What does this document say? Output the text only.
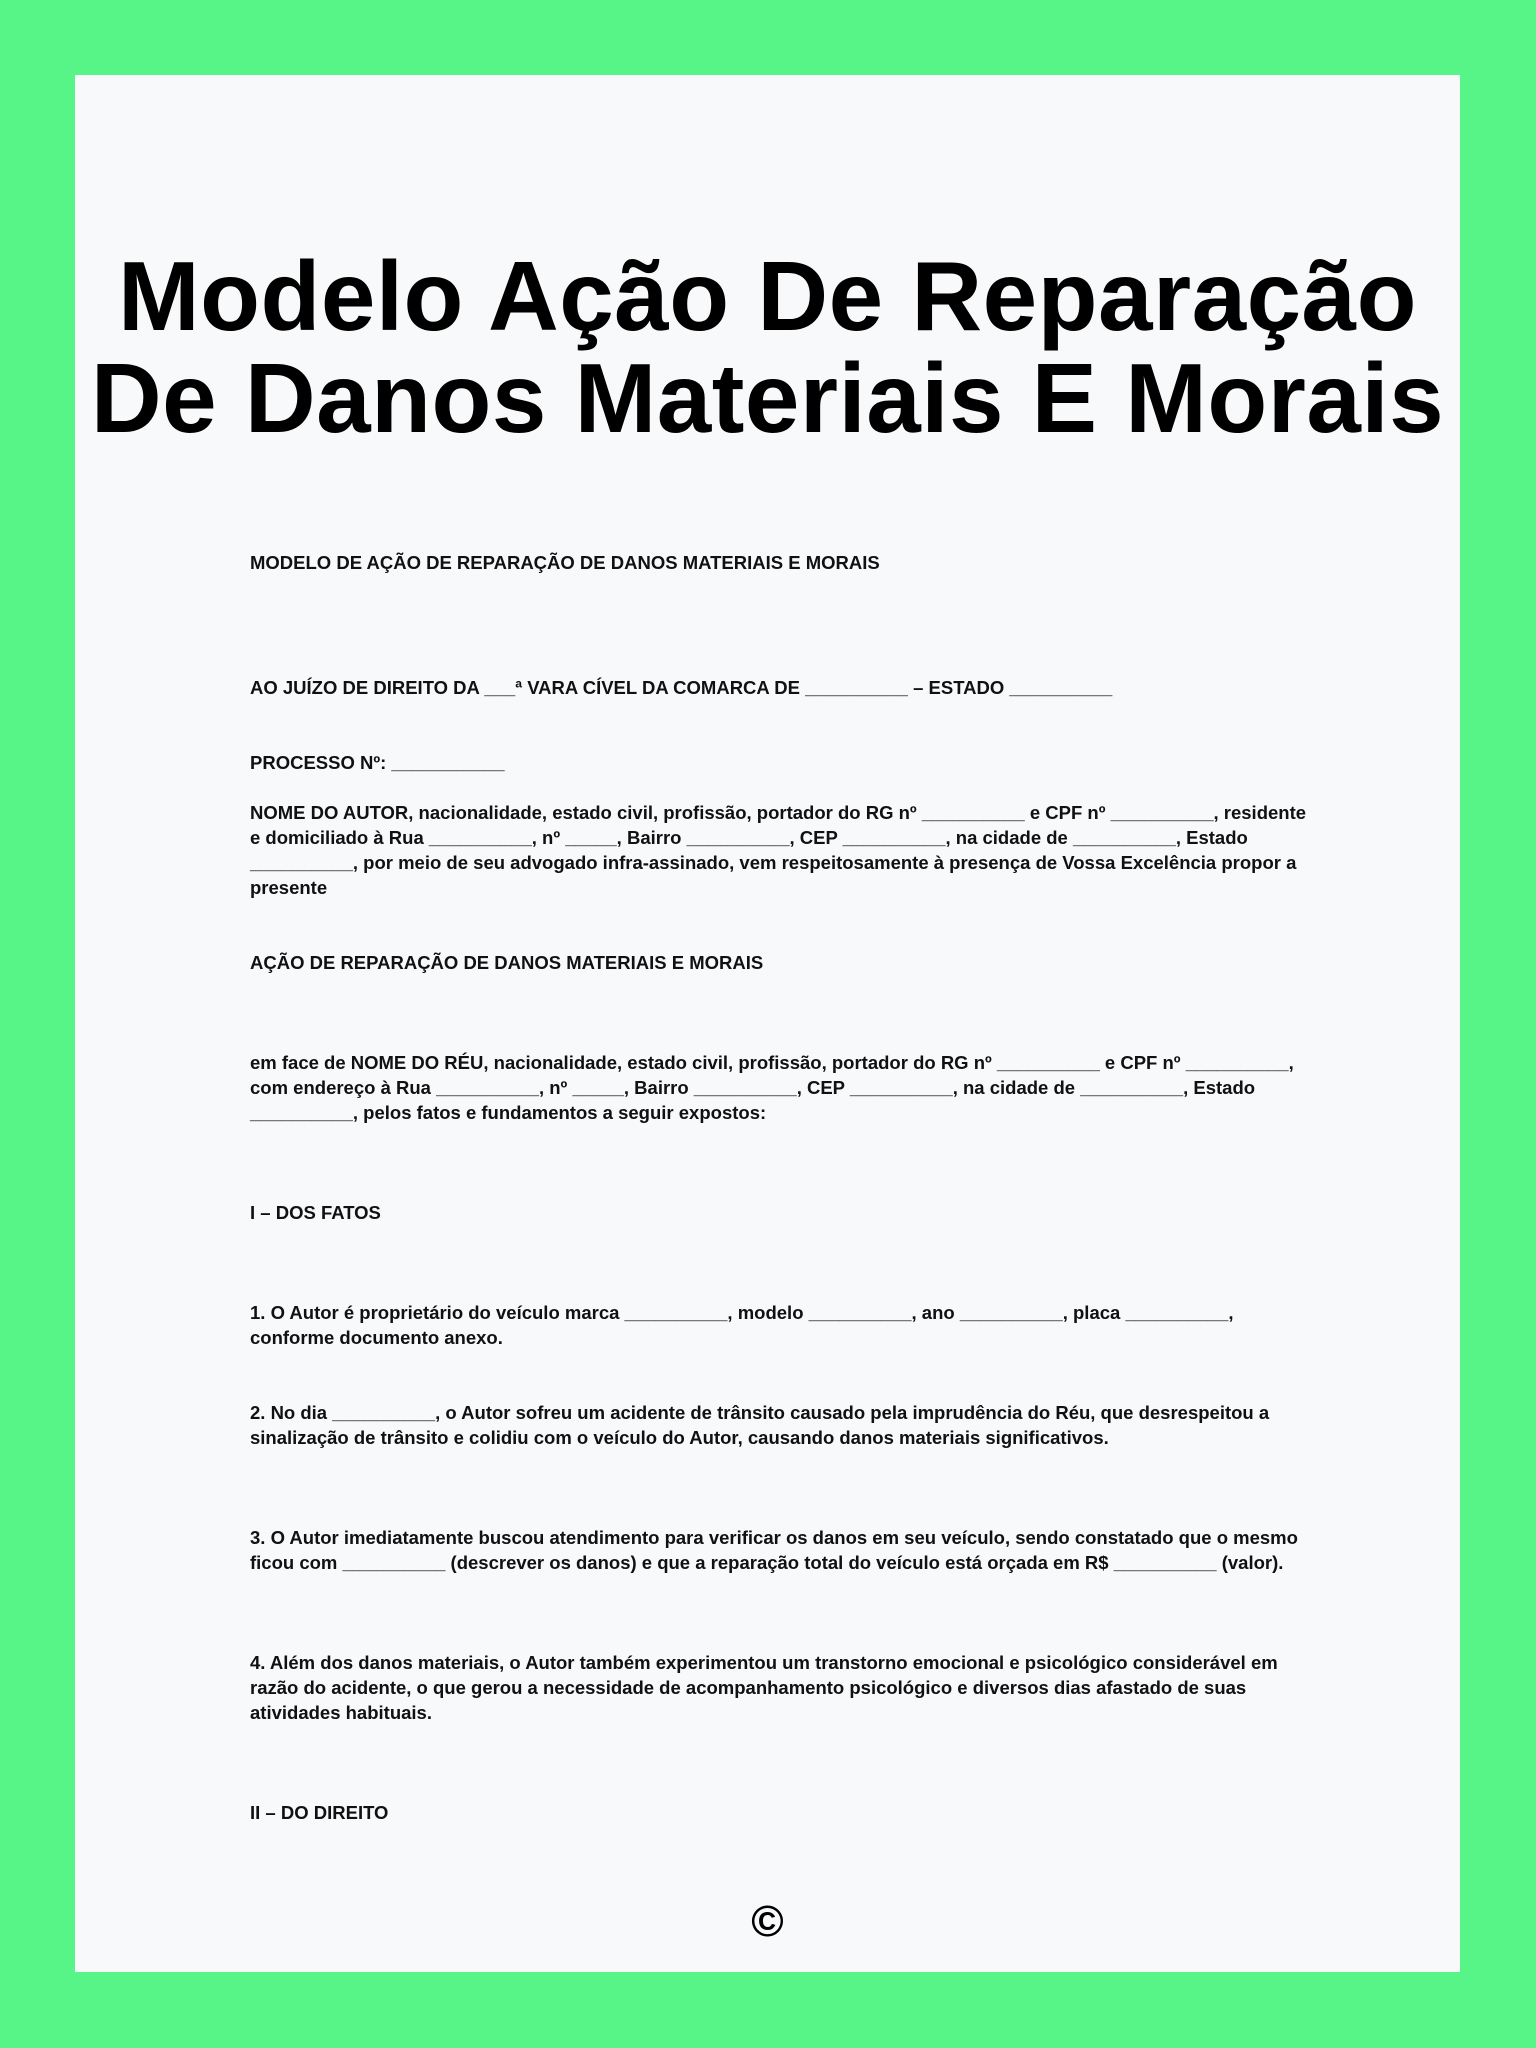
Modelo Ação De Reparação
De Danos Materiais E Morais

MODELO DE AÇÃO DE REPARAÇÃO DE DANOS MATERIAIS E MORAIS

AO JUÍZO DE DIREITO DA ___ª VARA CÍVEL DA COMARCA DE __________ – ESTADO __________

PROCESSO Nº: ___________

NOME DO AUTOR, nacionalidade, estado civil, profissão, portador do RG nº __________ e CPF nº __________, residente e domiciliado à Rua __________, nº _____, Bairro __________, CEP __________, na cidade de __________, Estado __________, por meio de seu advogado infra-assinado, vem respeitosamente à presença de Vossa Excelência propor a presente

AÇÃO DE REPARAÇÃO DE DANOS MATERIAIS E MORAIS

em face de NOME DO RÉU, nacionalidade, estado civil, profissão, portador do RG nº __________ e CPF nº __________, com endereço à Rua __________, nº _____, Bairro __________, CEP __________, na cidade de __________, Estado __________, pelos fatos e fundamentos a seguir expostos:

I – DOS FATOS

1. O Autor é proprietário do veículo marca __________, modelo __________, ano __________, placa __________, conforme documento anexo.

2. No dia __________, o Autor sofreu um acidente de trânsito causado pela imprudência do Réu, que desrespeitou a sinalização de trânsito e colidiu com o veículo do Autor, causando danos materiais significativos.

3. O Autor imediatamente buscou atendimento para verificar os danos em seu veículo, sendo constatado que o mesmo ficou com __________ (descrever os danos) e que a reparação total do veículo está orçada em R$ __________ (valor).

4. Além dos danos materiais, o Autor também experimentou um transtorno emocional e psicológico considerável em razão do acidente, o que gerou a necessidade de acompanhamento psicológico e diversos dias afastado de suas atividades habituais.

II – DO DIREITO

©
